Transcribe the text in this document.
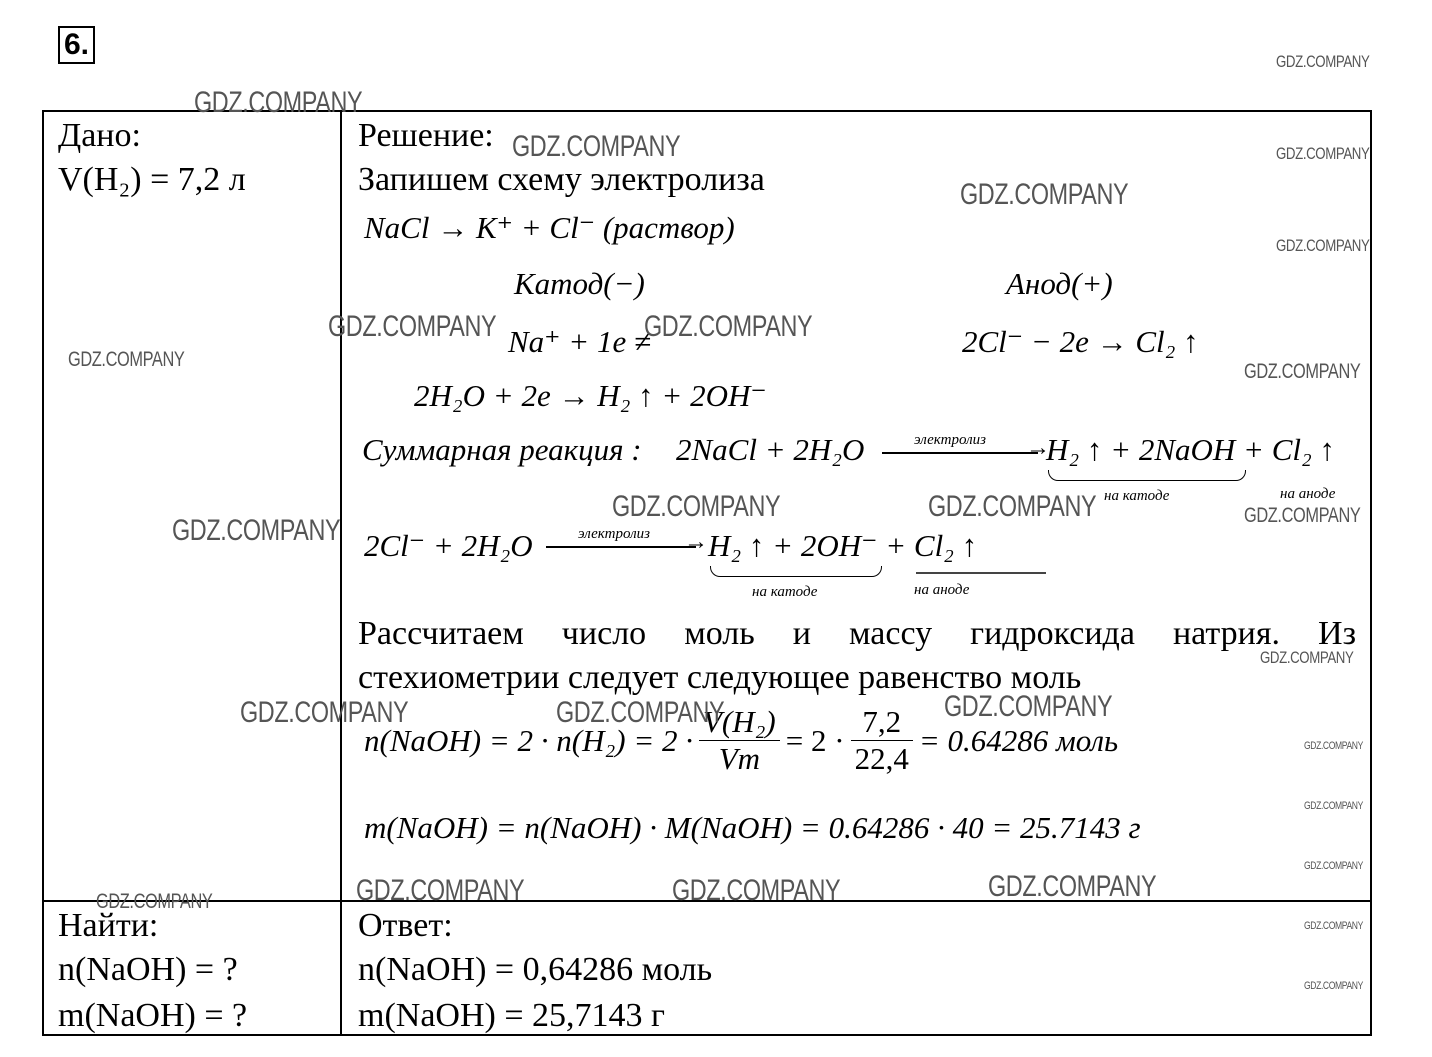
6.
Дано:
V(H₂) = 7,2 л
Решение:
Запишем схему электролиза
NaCl → K⁺ + Cl⁻ (раствор)
Катод(−)	Анод(+)
Na⁺ + 1e ≠	2Cl⁻ − 2e → Cl₂ ↑
2H₂O + 2e → H₂ ↑ + 2OH⁻
Суммарная реакция : 2NaCl + 2H₂O	электролиз →
H₂ ↑ + 2NaOH + Cl₂ ↑
на катоде	на аноде
2Cl⁻ + 2H₂O	электролиз → H₂ ↑ + 2OH⁻ + Cl₂ ↑
на катоде	на аноде
Рассчитаем число моль и массу гидроксида натрия. Из
стехиометрии следует следующее равенство моль
n(NaOH) = $2 \cdot n(H_2) = 2 \cdot \frac{\text{V(H₂)}}{Vm} = 2 \cdot \frac{7,2}{22,4} = 0.64286$ моль
m(NaOH) = n(NaOH) · M(NaOH) = 0.64286 · 40 = 25.7143 г
Найти:
n(NaOH) = ?
m(NaOH) = ?
Ответ:
n(NaOH) = 0,64286 моль
m(NaOH) = 25,7143 г
GDZ.COMPANY
GDZ.COMPANY
GDZ.COMPANY	GDZ.COMPANY
GDZ.COMPANY
GDZ.COMPANY
GDZ.COMPANY	GDZ.COMPANY
GDZ.COMPANY
GDZ.COMPANY
GDZ.COMPANY	GDZ.COMPANY	GDZ.COMPANY
GDZ.COMPANY
GDZ.COMPANY
GDZ.COMPANY
GDZ.COMPANY	GDZ.COMPANY
GDZ.COMPANY
GDZ.COMPANY
GDZ.COMPANY
GDZ.COMPANY
GDZ.COMPANY	GDZ.COMPANY
GDZ.COMPANY
GDZ.COMPANY
GDZ.COMPANY
